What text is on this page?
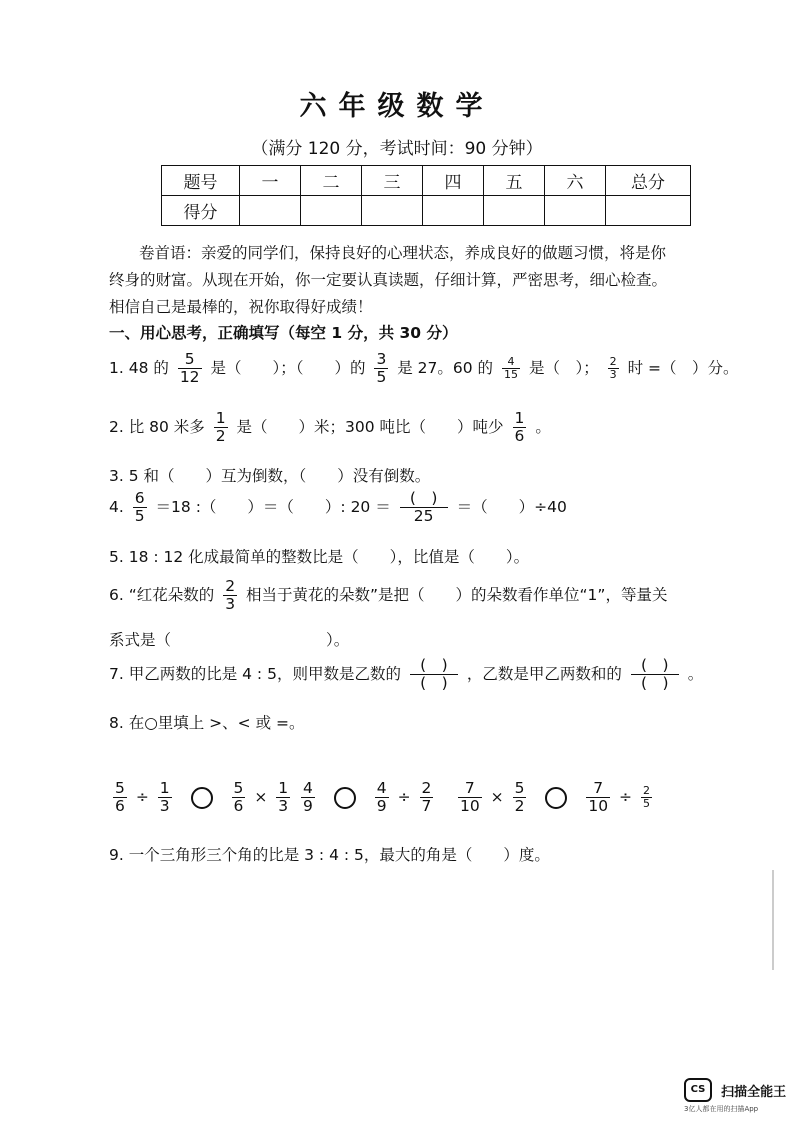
六年级数学
（满分 120 分，考试时间：90 分钟）
题号	一	二	三	四	五	六	总分
得分							
卷首语：亲爱的同学们，保持良好的心理状态，养成良好的做题习惯，将是你终身的财富。从现在开始，你一定要认真读题，仔细计算，严密思考，细心检查。相信自己是最棒的，祝你取得好成绩！
一、用心思考，正确填写（每空 1 分，共 30 分）
1. 48 的 $\frac{5}{12}$ 是（　　）；（　　）的 $\frac{3}{5}$ 是 27。60 的 $\frac{4}{15}$ 是（　）； $\frac{2}{3}$ 时 =（　）分。
2. 比 80 米多 $\frac{1}{2}$ 是（　　）米；300 吨比（　　）吨少 $\frac{1}{6}$ 。
3. 5 和（　　）互为倒数，（　　）没有倒数。
4. $\frac{6}{5} =18$ :（　　）＝（　　）: $20 = \frac{( )}{25}$ ＝（　　）÷40
5. 18 : 12 化成最简单的整数比是（　　），比值是（　　）。
6. “红花朵数的 $\frac{2}{3}$ 相当于黄花的朵数”是把（　　）的朵数看作单位“1”，等量关
系式是（　　　　　　　　　　）。
7. 甲乙两数的比是 4 : 5，则甲数是乙数的 $\frac{( )}{( )}$ ，乙数是甲乙两数和的 $\frac{( )}{( )}$ 。
8. 在○里填上 >、< 或 =。
$\frac{5}{6} \div \frac{1}{3}$
	$\frac{5}{6} \times \frac{1}{3} \frac{4}{9}$
	$\frac{4}{9} \div \frac{2}{7} \frac{7}{10} \times \frac{5}{2}$
	$\frac{7}{10} \div \frac{2}{5}$
9. 一个三角形三个角的比是 3 : 4 : 5，最大的角是（　　）度。
CS 扫描全能王
3亿人都在用的扫描App
